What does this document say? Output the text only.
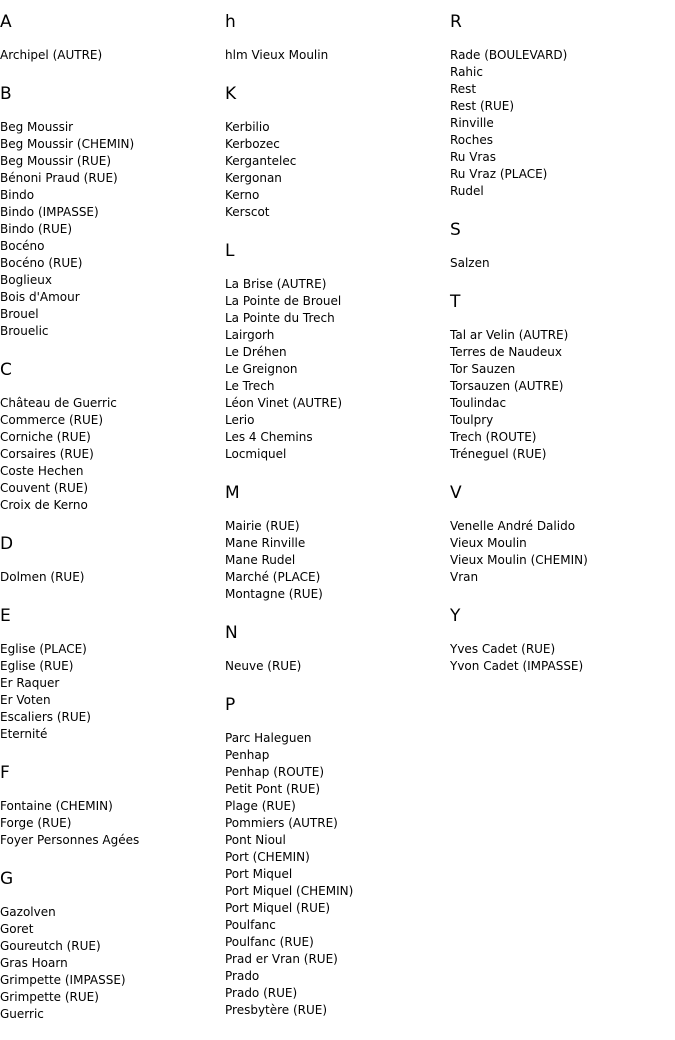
A
Archipel (AUTRE)
B
Beg Moussir
Beg Moussir (CHEMIN)
Beg Moussir (RUE)
Bénoni Praud (RUE)
Bindo
Bindo (IMPASSE)
Bindo (RUE)
Bocéno
Bocéno (RUE)
Boglieux
Bois d'Amour
Brouel
Brouelic
C
Château de Guerric
Commerce (RUE)
Corniche (RUE)
Corsaires (RUE)
Coste Hechen
Couvent (RUE)
Croix de Kerno
D
Dolmen (RUE)
E
Eglise (PLACE)
Eglise (RUE)
Er Raquer
Er Voten
Escaliers (RUE)
Eternité
F
Fontaine (CHEMIN)
Forge (RUE)
Foyer Personnes Agées
G
Gazolven
Goret
Goureutch (RUE)
Gras Hoarn
Grimpette (IMPASSE)
Grimpette (RUE)
Guerric
h
hlm Vieux Moulin
K
Kerbilio
Kerbozec
Kergantelec
Kergonan
Kerno
Kerscot
L
La Brise (AUTRE)
La Pointe de Brouel
La Pointe du Trech
Lairgorh
Le Dréhen
Le Greignon
Le Trech
Léon Vinet (AUTRE)
Lerio
Les 4 Chemins
Locmiquel
M
Mairie (RUE)
Mane Rinville
Mane Rudel
Marché (PLACE)
Montagne (RUE)
N
Neuve (RUE)
P
Parc Haleguen
Penhap
Penhap (ROUTE)
Petit Pont (RUE)
Plage (RUE)
Pommiers (AUTRE)
Pont Nioul
Port (CHEMIN)
Port Miquel
Port Miquel (CHEMIN)
Port Miquel (RUE)
Poulfanc
Poulfanc (RUE)
Prad er Vran (RUE)
Prado
Prado (RUE)
Presbytère (RUE)
R
Rade (BOULEVARD)
Rahic
Rest
Rest (RUE)
Rinville
Roches
Ru Vras
Ru Vraz (PLACE)
Rudel
S
Salzen
T
Tal ar Velin (AUTRE)
Terres de Naudeux
Tor Sauzen
Torsauzen (AUTRE)
Toulindac
Toulpry
Trech (ROUTE)
Tréneguel (RUE)
V
Venelle André Dalido
Vieux Moulin
Vieux Moulin (CHEMIN)
Vran
Y
Yves Cadet (RUE)
Yvon Cadet (IMPASSE)
